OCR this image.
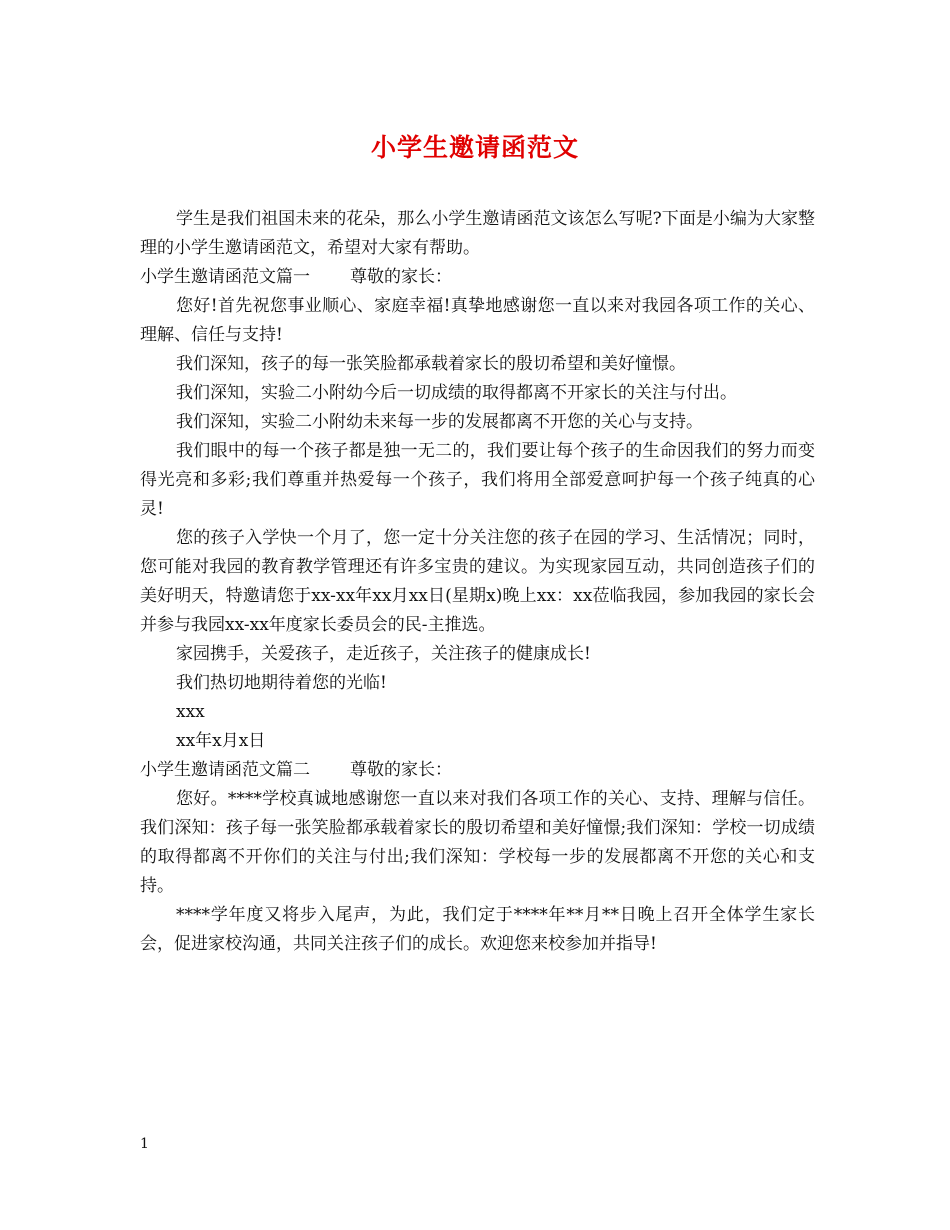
小学生邀请函范文

学生是我们祖国未来的花朵，那么小学生邀请函范文该怎么写呢?下面是小编为大家整理的小学生邀请函范文，希望对大家有帮助。

小学生邀请函范文篇一 尊敬的家长：

您好!首先祝您事业顺心、家庭幸福!真挚地感谢您一直以来对我园各项工作的关心、理解、信任与支持!

我们深知，孩子的每一张笑脸都承载着家长的殷切希望和美好憧憬。

我们深知，实验二小附幼今后一切成绩的取得都离不开家长的关注与付出。

我们深知，实验二小附幼未来每一步的发展都离不开您的关心与支持。

我们眼中的每一个孩子都是独一无二的，我们要让每个孩子的生命因我们的努力而变得光亮和多彩;我们尊重并热爱每一个孩子，我们将用全部爱意呵护每一个孩子纯真的心灵!

您的孩子入学快一个月了，您一定十分关注您的孩子在园的学习、生活情况；同时，您可能对我园的教育教学管理还有许多宝贵的建议。为实现家园互动，共同创造孩子们的美好明天，特邀请您于xx-xx年xx月xx日(星期x)晚上xx：xx莅临我园，参加我园的家长会并参与我园xx-xx年度家长委员会的民-主推选。

家园携手，关爱孩子，走近孩子，关注孩子的健康成长!

我们热切地期待着您的光临!

xxx

xx年x月x日

小学生邀请函范文篇二 尊敬的家长：

您好。****学校真诚地感谢您一直以来对我们各项工作的关心、支持、理解与信任。我们深知：孩子每一张笑脸都承载着家长的殷切希望和美好憧憬;我们深知：学校一切成绩的取得都离不开你们的关注与付出;我们深知：学校每一步的发展都离不开您的关心和支持。

****学年度又将步入尾声，为此，我们定于****年**月**日晚上召开全体学生家长会，促进家校沟通，共同关注孩子们的成长。欢迎您来校参加并指导!

1
